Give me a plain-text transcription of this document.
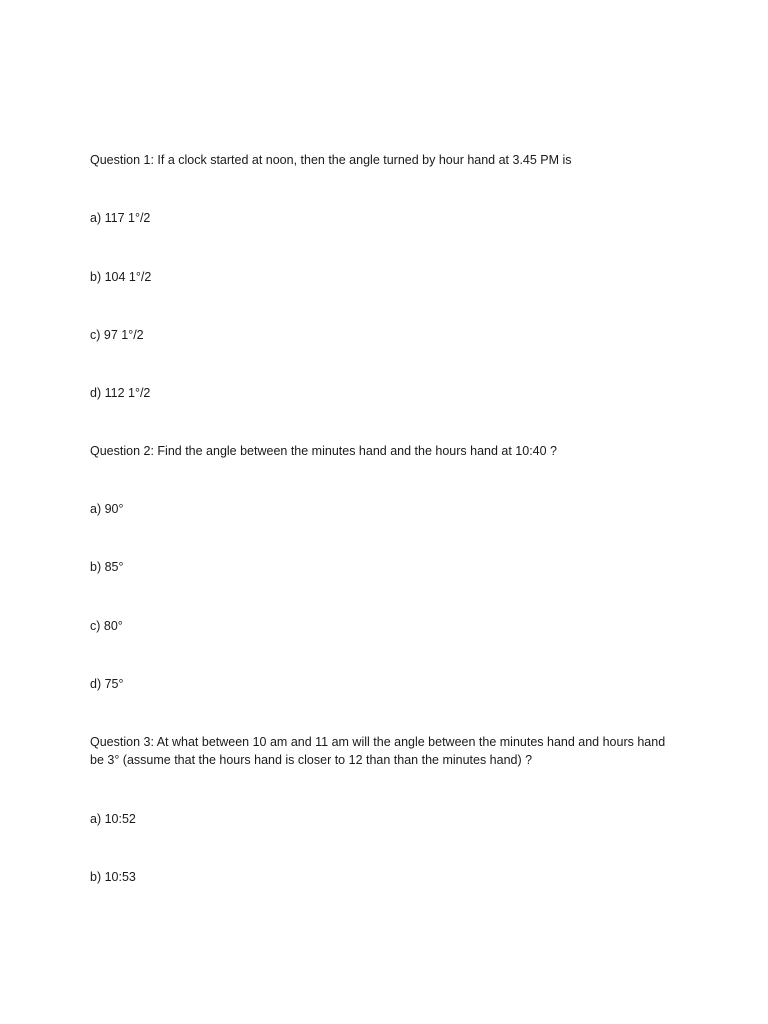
Question 1: If a clock started at noon, then the angle turned by hour hand at 3.45 PM is

a) 117 1°/2

b) 104 1°/2

c) 97 1°/2

d) 112 1°/2

Question 2: Find the angle between the minutes hand and the hours hand at 10:40 ?

a) 90°

b) 85°

c) 80°

d) 75°

Question 3: At what between 10 am and 11 am will the angle between the minutes hand and hours hand be 3° (assume that the hours hand is closer to 12 than than the minutes hand) ?

a) 10:52

b) 10:53
